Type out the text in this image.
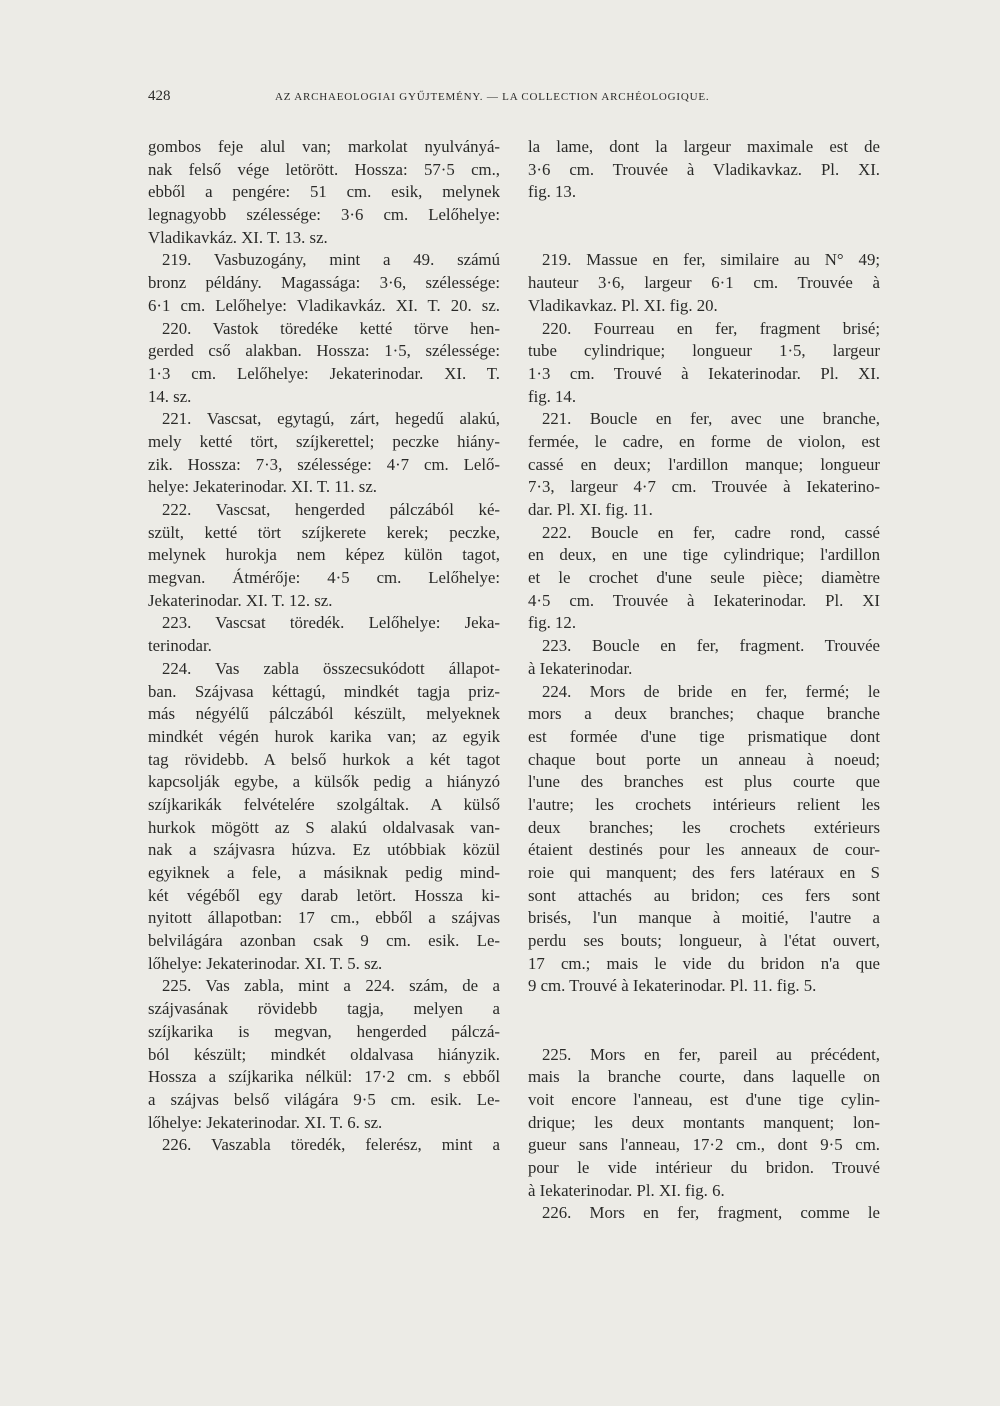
428	AZ ARCHAEOLOGIAI GYŰJTEMÉNY. — LA COLLECTION ARCHÉOLOGIQUE.
gombos feje alul van; markolat nyulványá-
nak felső vége letörött. Hossza: 57·5 cm.,
ebből a pengére: 51 cm. esik, melynek
legnagyobb szélessége: 3·6 cm. Lelőhelye:
Vladikavkáz. XI. T. 13. sz.
219. Vasbuzogány, mint a 49. számú
bronz példány. Magassága: 3·6, szélessége:
6·1 cm. Lelőhelye: Vladikavkáz. XI. T. 20. sz.
220. Vastok töredéke ketté törve hen-
gerded cső alakban. Hossza: 1·5, szélessége:
1·3 cm. Lelőhelye: Jekaterinodar. XI. T.
14. sz.
221. Vascsat, egytagú, zárt, hegedű alakú,
mely ketté tört, szíjkerettel; peczke hiány-
zik. Hossza: 7·3, szélessége: 4·7 cm. Lelő-
helye: Jekaterinodar. XI. T. 11. sz.
222. Vascsat, hengerded pálczából ké-
szült, ketté tört szíjkerete kerek; peczke,
melynek hurokja nem képez külön tagot,
megvan. Átmérője: 4·5 cm. Lelőhelye:
Jekaterinodar. XI. T. 12. sz.
223. Vascsat töredék. Lelőhelye: Jeka-
terinodar.
224. Vas zabla összecsukódott állapot-
ban. Szájvasa kéttagú, mindkét tagja priz-
más négyélű pálczából készült, melyeknek
mindkét végén hurok karika van; az egyik
tag rövidebb. A belső hurkok a két tagot
kapcsolják egybe, a külsők pedig a hiányzó
szíjkarikák felvételére szolgáltak. A külső
hurkok mögött az S alakú oldalvasak van-
nak a szájvasra húzva. Ez utóbbiak közül
egyiknek a fele, a másiknak pedig mind-
két végéből egy darab letört. Hossza ki-
nyitott állapotban: 17 cm., ebből a szájvas
belvilágára azonban csak 9 cm. esik. Le-
lőhelye: Jekaterinodar. XI. T. 5. sz.
225. Vas zabla, mint a 224. szám, de a
szájvasának rövidebb tagja, melyen a
szíjkarika is megvan, hengerded pálczá-
ból készült; mindkét oldalvasa hiányzik.
Hossza a szíjkarika nélkül: 17·2 cm. s ebből
a szájvas belső világára 9·5 cm. esik. Le-
lőhelye: Jekaterinodar. XI. T. 6. sz.
226. Vaszabla töredék, felerész, mint a
la lame, dont la largeur maximale est de
3·6 cm. Trouvée à Vladikavkaz. Pl. XI.
fig. 13.
219. Massue en fer, similaire au N° 49;
hauteur 3·6, largeur 6·1 cm. Trouvée à
Vladikavkaz. Pl. XI. fig. 20.
220. Fourreau en fer, fragment brisé;
tube cylindrique; longueur 1·5, largeur
1·3 cm. Trouvé à Iekaterinodar. Pl. XI.
fig. 14.
221. Boucle en fer, avec une branche,
fermée, le cadre, en forme de violon, est
cassé en deux; l'ardillon manque; longueur
7·3, largeur 4·7 cm. Trouvée à Iekaterino-
dar. Pl. XI. fig. 11.
222. Boucle en fer, cadre rond, cassé
en deux, en une tige cylindrique; l'ardillon
et le crochet d'une seule pièce; diamètre
4·5 cm. Trouvée à Iekaterinodar. Pl. XI
fig. 12.
223. Boucle en fer, fragment. Trouvée
à Iekaterinodar.
224. Mors de bride en fer, fermé; le
mors a deux branches; chaque branche
est formée d'une tige prismatique dont
chaque bout porte un anneau à noeud;
l'une des branches est plus courte que
l'autre; les crochets intérieurs relient les
deux branches; les crochets extérieurs
étaient destinés pour les anneaux de cour-
roie qui manquent; des fers latéraux en S
sont attachés au bridon; ces fers sont
brisés, l'un manque à moitié, l'autre a
perdu ses bouts; longueur, à l'état ouvert,
17 cm.; mais le vide du bridon n'a que
9 cm. Trouvé à Iekaterinodar. Pl. 11. fig. 5.
225. Mors en fer, pareil au précédent,
mais la branche courte, dans laquelle on
voit encore l'anneau, est d'une tige cylin-
drique; les deux montants manquent; lon-
gueur sans l'anneau, 17·2 cm., dont 9·5 cm.
pour le vide intérieur du bridon. Trouvé
à Iekaterinodar. Pl. XI. fig. 6.
226. Mors en fer, fragment, comme le
